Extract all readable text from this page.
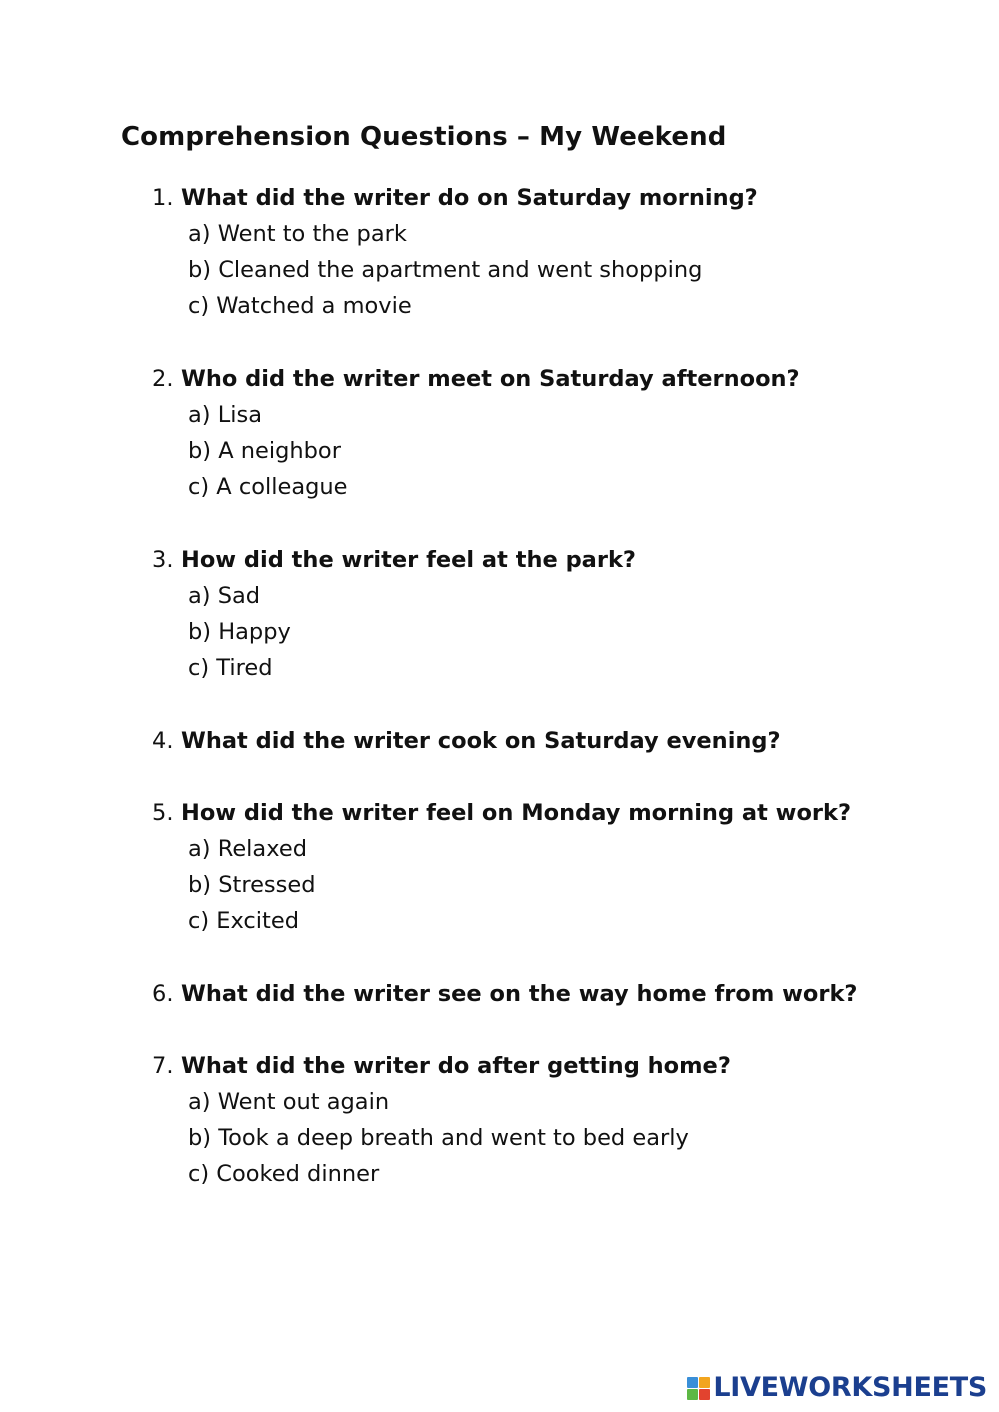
Comprehension Questions – My Weekend
1. What did the writer do on Saturday morning?
a) Went to the park
b) Cleaned the apartment and went shopping
c) Watched a movie
2. Who did the writer meet on Saturday afternoon?
a) Lisa
b) A neighbor
c) A colleague
3. How did the writer feel at the park?
a) Sad
b) Happy
c) Tired
4. What did the writer cook on Saturday evening?
5. How did the writer feel on Monday morning at work?
a) Relaxed
b) Stressed
c) Excited
6. What did the writer see on the way home from work?
7. What did the writer do after getting home?
a) Went out again
b) Took a deep breath and went to bed early
c) Cooked dinner
LIVEWORKSHEETS
